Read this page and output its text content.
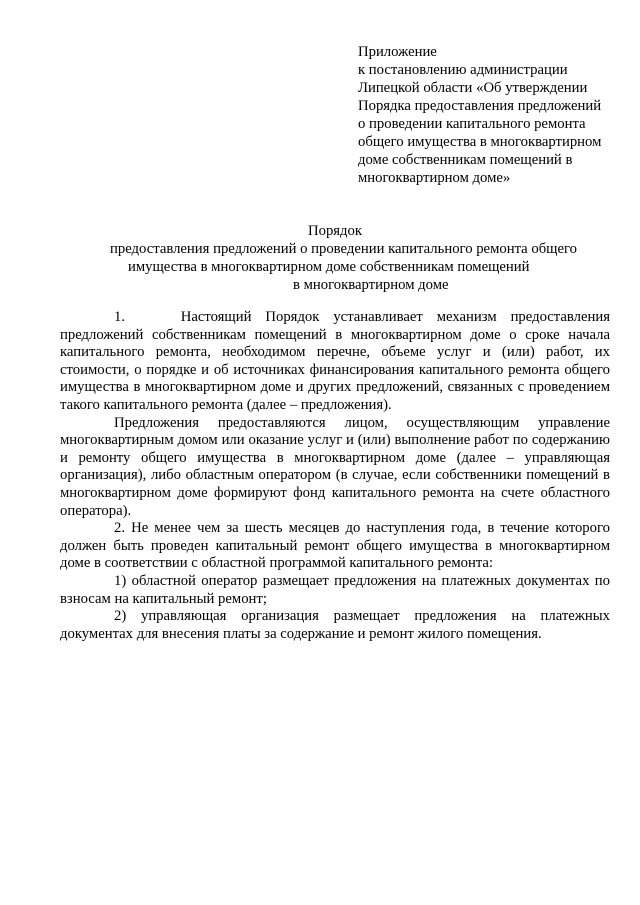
Приложение
к постановлению администрации
Липецкой области «Об утверждении
Порядка предоставления предложений
о проведении капитального ремонта
общего имущества в многоквартирном
доме собственникам помещений в
многоквартирном доме»
Порядок
предоставления предложений о проведении капитального ремонта общего
имущества в многоквартирном доме собственникам помещений
в многоквартирном доме

1.    Настоящий Порядок устанавливает механизм предоставления предложений собственникам помещений в многоквартирном доме о сроке начала капитального ремонта, необходимом перечне, объеме услуг и (или) работ, их стоимости, о порядке и об источниках финансирования капитального ремонта общего имущества в многоквартирном доме и других предложений, связанных с проведением такого капитального ремонта (далее – предложения).

Предложения предоставляются лицом, осуществляющим управление многоквартирным домом или оказание услуг и (или) выполнение работ по содержанию и ремонту общего имущества в многоквартирном доме (далее – управляющая организация), либо областным оператором (в случае, если собственники помещений в многоквартирном доме формируют фонд капитального ремонта на счете областного оператора).

2. Не менее чем за шесть месяцев до наступления года, в течение которого должен быть проведен капитальный ремонт общего имущества в многоквартирном доме в соответствии с областной программой капитального ремонта:

1) областной оператор размещает предложения на платежных документах по взносам на капитальный ремонт;

2) управляющая организация размещает предложения на платежных документах для внесения платы за содержание и ремонт жилого помещения.
